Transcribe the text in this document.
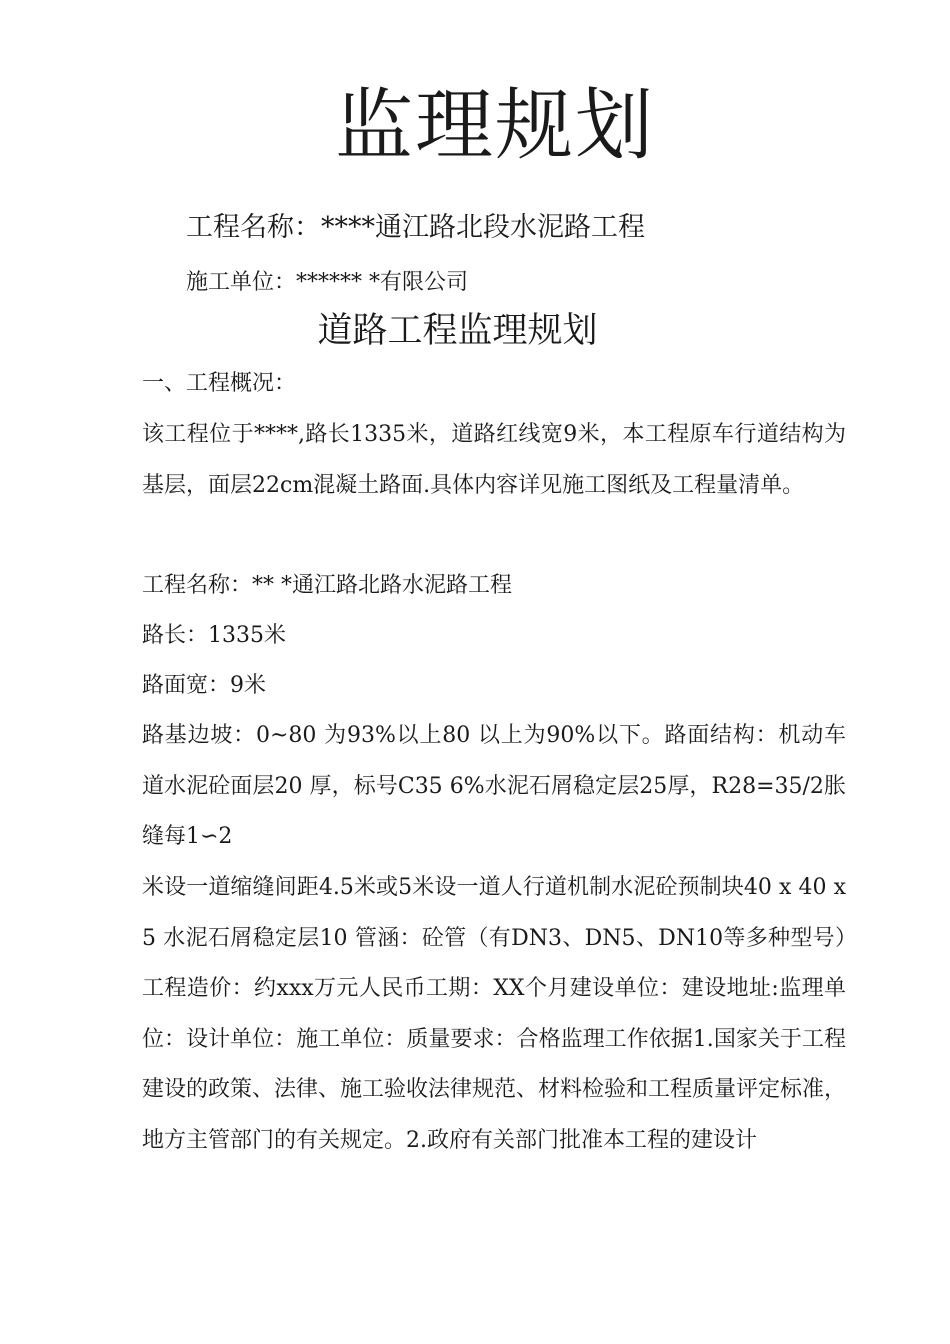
监理规划

工程名称：****通江路北段水泥路工程

施工单位：****** *有限公司

道路工程监理规划
一、工程概况：

该工程位于****,路长1335米，道路红线宽9米，本工程原车行道结构为基层，面层22cm混凝土路面.具体内容详见施工图纸及工程量清单。

工程名称：** *通江路北路水泥路工程

路长：1335米

路面宽：9米

路基边坡：0~80 为93%以上80 以上为90%以下。路面结构：机动车道水泥砼面层20 厚，标号C35 6%水泥石屑稳定层25厚，R28=35/2胀缝每1∽2

米设一道缩缝间距4.5米或5米设一道人行道机制水泥砼预制块40 x 40 x 5 水泥石屑稳定层10 管涵：砼管（有DN3、DN5、DN10等多种型号）工程造价：约xxx万元人民币工期：XX个月建设单位：建设地址:监理单位：设计单位：施工单位：质量要求：合格监理工作依据1.国家关于工程建设的政策、法律、施工验收法律规范、材料检验和工程质量评定标准，地方主管部门的有关规定。2.政府有关部门批准本工程的建设计
